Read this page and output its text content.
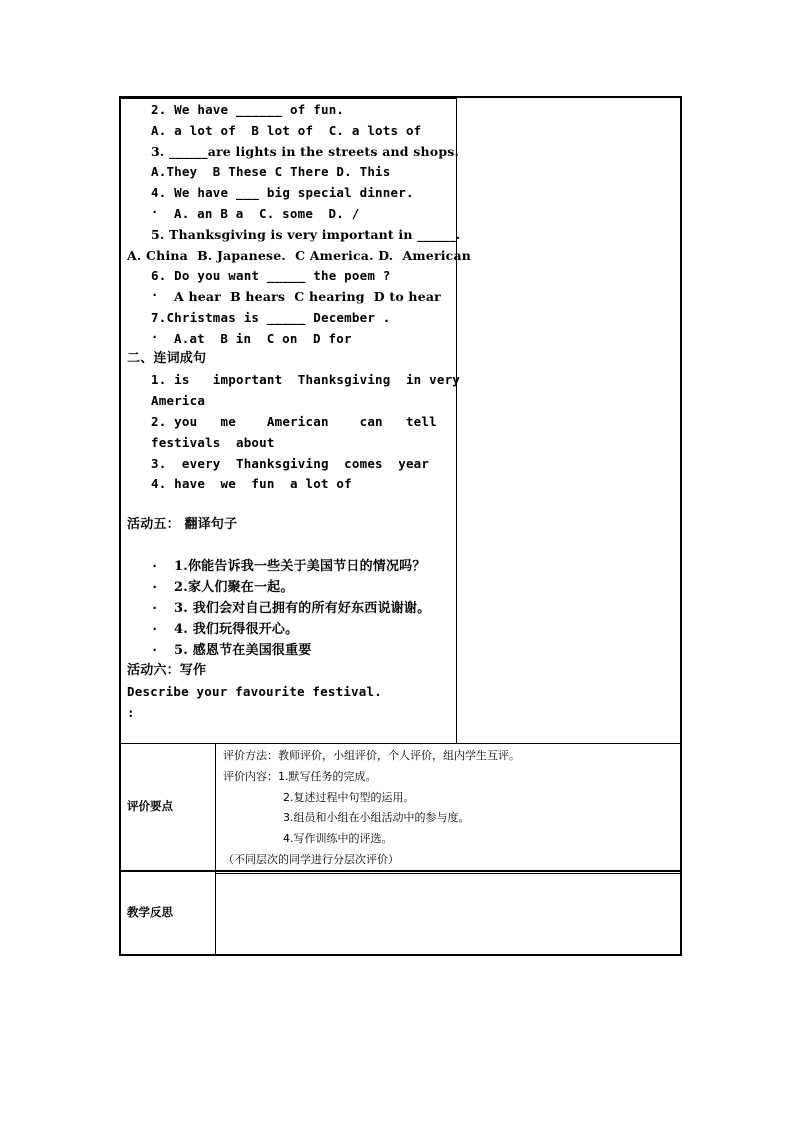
2. We have ______ of fun.
A. a lot of  B lot of  C. a lots of
3. ______are lights in the streets and shops.
A.They  B These C There D. This
4. We have ___ big special dinner.
· A. an B a  C. some  D. /
5. Thanksgiving is very important in ______.
A. China  B. Japanese.  C America. D.  American
6. Do you want _____ the poem ?
· A hear  B hears  C hearing  D to hear
7.Christmas is _____ December .
· A.at  B in  C on  D for
二、连词成句
1. is   important  Thanksgiving  in very
America
2. you   me    American    can   tell
festivals  about
3.  every  Thanksgiving  comes  year
4. have  we  fun  a lot of
活动五： 翻译句子
· 1.你能告诉我一些关于美国节日的情况吗？
· 2.家人们聚在一起。
· 3. 我们会对自己拥有的所有好东西说谢谢。
· 4. 我们玩得很开心。
· 5. 感恩节在美国很重要
活动六：写作
Describe your favourite festival.
:
评价要点
评价方法：教师评价，小组评价，个人评价，组内学生互评。
评价内容：1.默写任务的完成。
2.复述过程中句型的运用。
3.组员和小组在小组活动中的参与度。
4.写作训练中的评选。
（不同层次的同学进行分层次评价）
教学反思
